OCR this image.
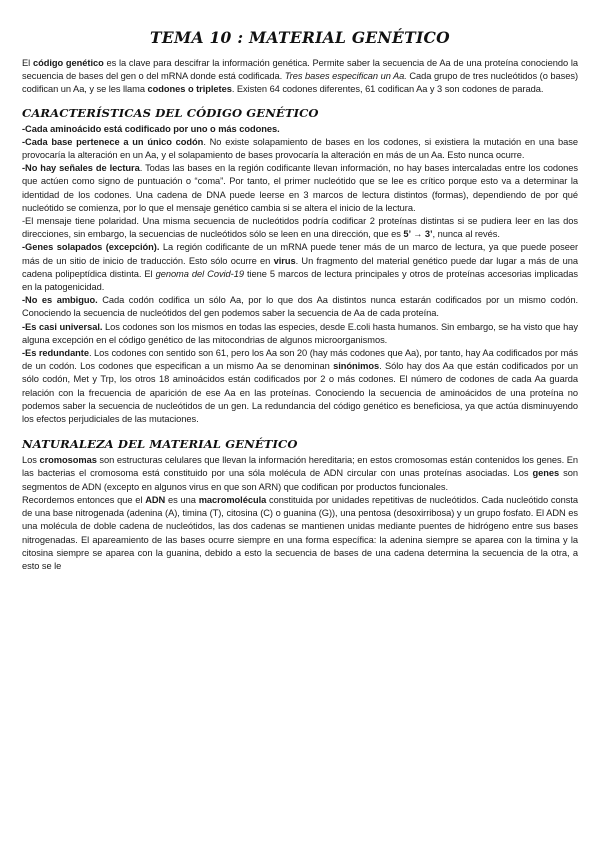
TEMA 10 : MATERIAL GENÉTICO

El código genético es la clave para descifrar la información genética. Permite saber la secuencia de Aa de una proteína conociendo la secuencia de bases del gen o del mRNA donde está codificada. Tres bases especifican un Aa. Cada grupo de tres nucleótidos (o bases) codifican un Aa, y se les llama codones o tripletes. Existen 64 codones diferentes, 61 codifican Aa y 3 son codones de parada.

CARACTERÍSTICAS DEL CÓDIGO GENÉTICO

-Cada aminoácido está codificado por uno o más codones.

-Cada base pertenece a un único codón. No existe solapamiento de bases en los codones, si existiera la mutación en una base provocaría la alteración en un Aa, y el solapamiento de bases provocaría la alteración en más de un Aa. Esto nunca ocurre.

-No hay señales de lectura. Todas las bases en la región codificante llevan información, no hay bases intercaladas entre los codones que actúen como signo de puntuación o “coma”. Por tanto, el primer nucleótido que se lee es crítico porque esto va a determinar la identidad de los codones. Una cadena de DNA puede leerse en 3 marcos de lectura distintos (formas), dependiendo de por qué nucleótido se comienza, por lo que el mensaje genético cambia si se altera el inicio de la lectura.

-El mensaje tiene polaridad. Una misma secuencia de nucleótidos podría codificar 2 proteínas distintas si se pudiera leer en las dos direcciones, sin embargo, la secuencias de nucleótidos sólo se leen en una dirección, que es 5’ → 3’, nunca al revés.

-Genes solapados (excepción). La región codificante de un mRNA puede tener más de un marco de lectura, ya que puede poseer más de un sitio de inicio de traducción. Esto sólo ocurre en virus. Un fragmento del material genético puede dar lugar a más de una cadena polipeptídica distinta. El genoma del Covid-19 tiene 5 marcos de lectura principales y otros de proteínas accesorias implicadas en la patogenicidad.

-No es ambiguo. Cada codón codifica un sólo Aa, por lo que dos Aa distintos nunca estarán codificados por un mismo codón. Conociendo la secuencia de nucleótidos del gen podemos saber la secuencia de Aa de cada proteína.

-Es casi universal. Los codones son los mismos en todas las especies, desde E.coli hasta humanos. Sin embargo, se ha visto que hay alguna excepción en el código genético de las mitocondrias de algunos microorganismos.

-Es redundante. Los codones con sentido son 61, pero los Aa son 20 (hay más codones que Aa), por tanto, hay Aa codificados por más de un codón. Los codones que especifican a un mismo Aa se denominan sinónimos. Sólo hay dos Aa que están codificados por un sólo codón, Met y Trp, los otros 18 aminoácidos están codificados por 2 o más codones. El número de codones de cada Aa guarda relación con la frecuencia de aparición de ese Aa en las proteínas. Conociendo la secuencia de aminoácidos de una proteína no podemos saber la secuencia de nucleótidos de un gen. La redundancia del código genético es beneficiosa, ya que actúa disminuyendo los efectos perjudiciales de las mutaciones.

NATURALEZA DEL MATERIAL GENÉTICO

Los cromosomas son estructuras celulares que llevan la información hereditaria; en estos cromosomas están contenidos los genes. En las bacterias el cromosoma está constituido por una sóla molécula de ADN circular con unas proteínas asociadas. Los genes son segmentos de ADN (excepto en algunos virus en que son ARN) que codifican por productos funcionales.

Recordemos entonces que el ADN es una macromolécula constituida por unidades repetitivas de nucleótidos. Cada nucleótido consta de una base nitrogenada (adenina (A), timina (T), citosina (C) o guanina (G)), una pentosa (desoxirribosa) y un grupo fosfato. El ADN es una molécula de doble cadena de nucleótidos, las dos cadenas se mantienen unidas mediante puentes de hidrógeno entre sus bases nitrogenadas. El apareamiento de las bases ocurre siempre en una forma específica: la adenina siempre se aparea con la timina y la citosina siempre se aparea con la guanina, debido a esto la secuencia de bases de una cadena determina la secuencia de la otra, a esto se le
